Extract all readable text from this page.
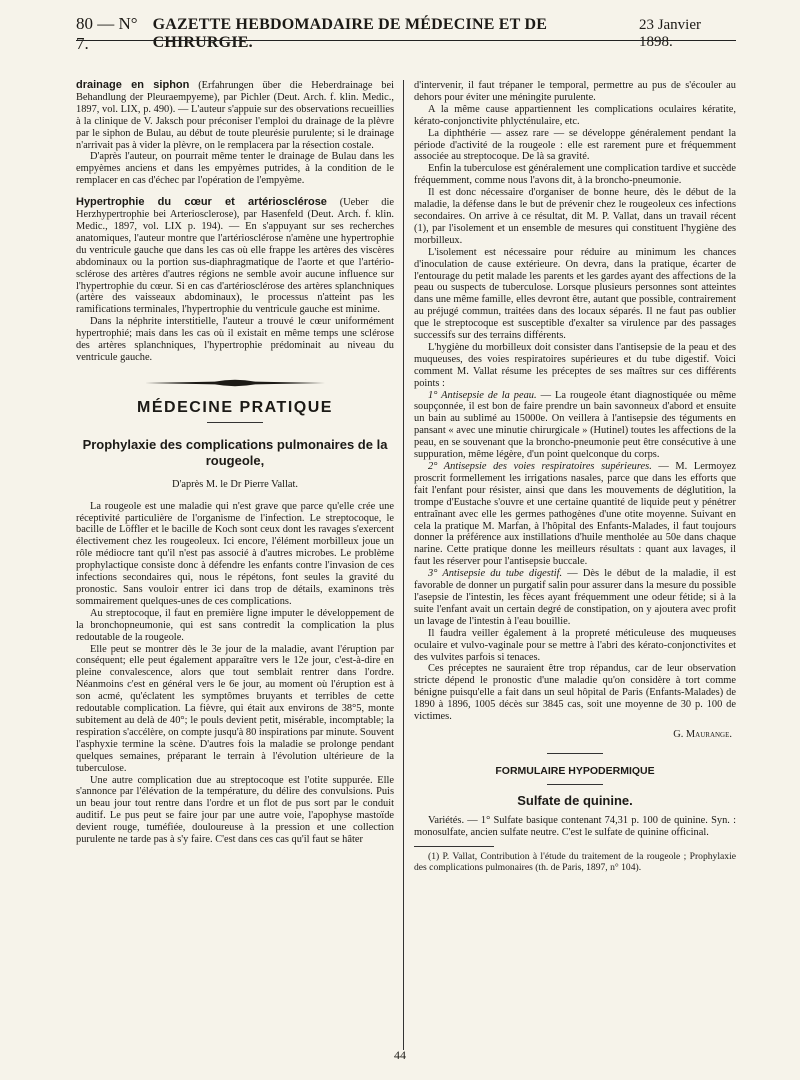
80 — N° 7.
GAZETTE HEBDOMADAIRE DE MÉDECINE ET DE CHIRURGIE.
23 Janvier 1898.

drainage en siphon (Erfahrungen über die Heberdrainage bei Behandlung der Pleuraempyeme), par Pichler (Deut. Arch. f. klin. Medic., 1897, vol. LIX, p. 490). — L'auteur s'appuie sur des observations recueillies à la clinique de V. Jaksch pour préconiser l'emploi du drainage de la plèvre par le siphon de Bulau, au début de toute pleurésie purulente; si le drainage n'arrivait pas à vider la plèvre, on le remplacera par la résection costale.

D'après l'auteur, on pourrait même tenter le drainage de Bulau dans les empyèmes anciens et dans les empyèmes putrides, à la condition de le remplacer en cas d'échec par l'opération de l'empyème.

Hypertrophie du cœur et artériosclérose (Ueber die Herzhypertrophie bei Arteriosclerose), par Hasenfeld (Deut. Arch. f. klin. Medic., 1897, vol. LIX p. 194). — En s'appuyant sur ses recherches anatomiques, l'auteur montre que l'artériosclérose n'amène une hypertrophie du ventricule gauche que dans les cas où elle frappe les artères des viscères abdominaux ou la portion sus-diaphragmatique de l'aorte et que l'artério-sclérose des artères d'autres régions ne semble avoir aucune influence sur l'hypertrophie du cœur. Si en cas d'artériosclérose des artères splanchniques (artère des vaisseaux abdominaux), le processus n'atteint pas les ramifications terminales, l'hypertrophie du ventricule gauche est minime.

Dans la néphrite interstitielle, l'auteur a trouvé le cœur uniformément hypertrophié; mais dans les cas où il existait en même temps une sclérose des artères splanchniques, l'hypertrophie prédominait au niveau du ventricule gauche.

MÉDECINE PRATIQUE
Prophylaxie des complications pulmonaires de la rougeole,
D'après M. le Dr Pierre Vallat.

La rougeole est une maladie qui n'est grave que parce qu'elle crée une réceptivité particulière de l'organisme de l'infection. Le streptocoque, le bacille de Löffler et le bacille de Koch sont ceux dont les ravages s'exercent électivement chez les rougeoleux. Ici encore, l'élément morbilleux joue un rôle médiocre tant qu'il n'est pas associé à d'autres microbes. Le problème prophylactique consiste donc à défendre les enfants contre l'invasion de ces infections secondaires qui, nous le répétons, font seules la gravité du pronostic. Sans vouloir entrer ici dans trop de détails, examinons très sommairement quelques-unes de ces complications.

Au streptocoque, il faut en première ligne imputer le développement de la bronchopneumonie, qui est sans contredit la complication la plus redoutable de la rougeole.

Elle peut se montrer dès le 3e jour de la maladie, avant l'éruption par conséquent; elle peut également apparaître vers le 12e jour, c'est-à-dire en pleine convalescence, alors que tout semblait rentrer dans l'ordre. Néanmoins c'est en général vers le 6e jour, au moment où l'éruption est à son acmé, qu'éclatent les symptômes bruyants et terribles de cette redoutable complication. La fièvre, qui était aux environs de 38°5, monte subitement au delà de 40°; le pouls devient petit, misérable, incomptable; la respiration s'accélère, on compte jusqu'à 80 inspirations par minute. Souvent l'asphyxie termine la scène. D'autres fois la maladie se prolonge pendant quelques semaines, préparant le terrain à l'évolution ultérieure de la tuberculose.

Une autre complication due au streptocoque est l'otite suppurée. Elle s'annonce par l'élévation de la température, du délire des convulsions. Puis un beau jour tout rentre dans l'ordre et un flot de pus sort par le conduit auditif. Le pus peut se faire jour par une autre voie, l'apophyse mastoïde devient rouge, tuméfiée, douloureuse à la pression et une collection purulente ne tarde pas à s'y faire. C'est dans ces cas qu'il faut se hâter

d'intervenir, il faut trépaner le temporal, permettre au pus de s'écouler au dehors pour éviter une méningite purulente.

A la même cause appartiennent les complications oculaires kératite, kérato-conjonctivite phlycténulaire, etc.

La diphthérie — assez rare — se développe généralement pendant la période d'activité de la rougeole : elle est rarement pure et fréquemment associée au streptocoque. De là sa gravité.

Enfin la tuberculose est généralement une complication tardive et succède fréquemment, comme nous l'avons dit, à la broncho-pneumonie.

Il est donc nécessaire d'organiser de bonne heure, dès le début de la maladie, la défense dans le but de prévenir chez le rougeoleux ces infections secondaires. On arrive à ce résultat, dit M. P. Vallat, dans un travail récent (1), par l'isolement et un ensemble de mesures qui constituent l'hygiène des morbilleux.

L'isolement est nécessaire pour réduire au minimum les chances d'inoculation de cause extérieure. On devra, dans la pratique, écarter de l'entourage du petit malade les parents et les gardes ayant des affections de la peau ou suspects de tuberculose. Lorsque plusieurs personnes sont atteintes dans une même famille, elles devront être, autant que possible, contrairement au préjugé commun, traitées dans des locaux séparés. Il ne faut pas oublier que le streptocoque est susceptible d'exalter sa virulence par des passages successifs sur des terrains différents.

L'hygiène du morbilleux doit consister dans l'antisepsie de la peau et des muqueuses, des voies respiratoires supérieures et du tube digestif. Voici comment M. Vallat résume les préceptes de ses maîtres sur ces différents points :

1° Antisepsie de la peau. — La rougeole étant diagnostiquée ou même soupçonnée, il est bon de faire prendre un bain savonneux d'abord et ensuite un bain au sublimé au 15000e. On veillera à l'antisepsie des téguments en pansant « avec une minutie chirurgicale » (Hutinel) toutes les affections de la peau, en se souvenant que la broncho-pneumonie peut être consécutive à une suppuration, même légère, d'un point quelconque du corps.

2° Antisepsie des voies respiratoires supérieures. — M. Lermoyez proscrit formellement les irrigations nasales, parce que dans les efforts que fait l'enfant pour résister, ainsi que dans les mouvements de déglutition, la trompe d'Eustache s'ouvre et une certaine quantité de liquide peut y pénétrer entraînant avec elle les germes pathogènes d'une otite moyenne. Suivant en cela la pratique M. Marfan, à l'hôpital des Enfants-Malades, il faut toujours donner la préférence aux instillations d'huile mentholée au 50e dans chaque narine. Cette pratique donne les meilleurs résultats : quant aux lavages, il faut les réserver pour l'antisepsie buccale.

3° Antisepsie du tube digestif. — Dès le début de la maladie, il est favorable de donner un purgatif salin pour assurer dans la mesure du possible l'asepsie de l'intestin, les fèces ayant fréquemment une odeur fétide; si à la suite l'enfant avait un certain degré de constipation, on y ajoutera avec profit un lavage de l'intestin à l'eau bouillie.

Il faudra veiller également à la propreté méticuleuse des muqueuses oculaire et vulvo-vaginale pour se mettre à l'abri des kérato-conjonctivites et des vulvites parfois si tenaces.

Ces préceptes ne sauraient être trop répandus, car de leur observation stricte dépend le pronostic d'une maladie qu'on considère à tort comme bénigne puisqu'elle a fait dans un seul hôpital de Paris (Enfants-Malades) de 1890 à 1896, 1005 décès sur 3845 cas, soit une moyenne de 30 p. 100 de victimes.

G. Maurange.
FORMULAIRE HYPODERMIQUE
Sulfate de quinine.

Variétés. — 1° Sulfate basique contenant 74,31 p. 100 de quinine. Syn. : monosulfate, ancien sulfate neutre. C'est le sulfate de quinine officinal.

(1) P. Vallat, Contribution à l'étude du traitement de la rougeole ; Prophylaxie des complications pulmonaires (th. de Paris, 1897, n° 104).

44
